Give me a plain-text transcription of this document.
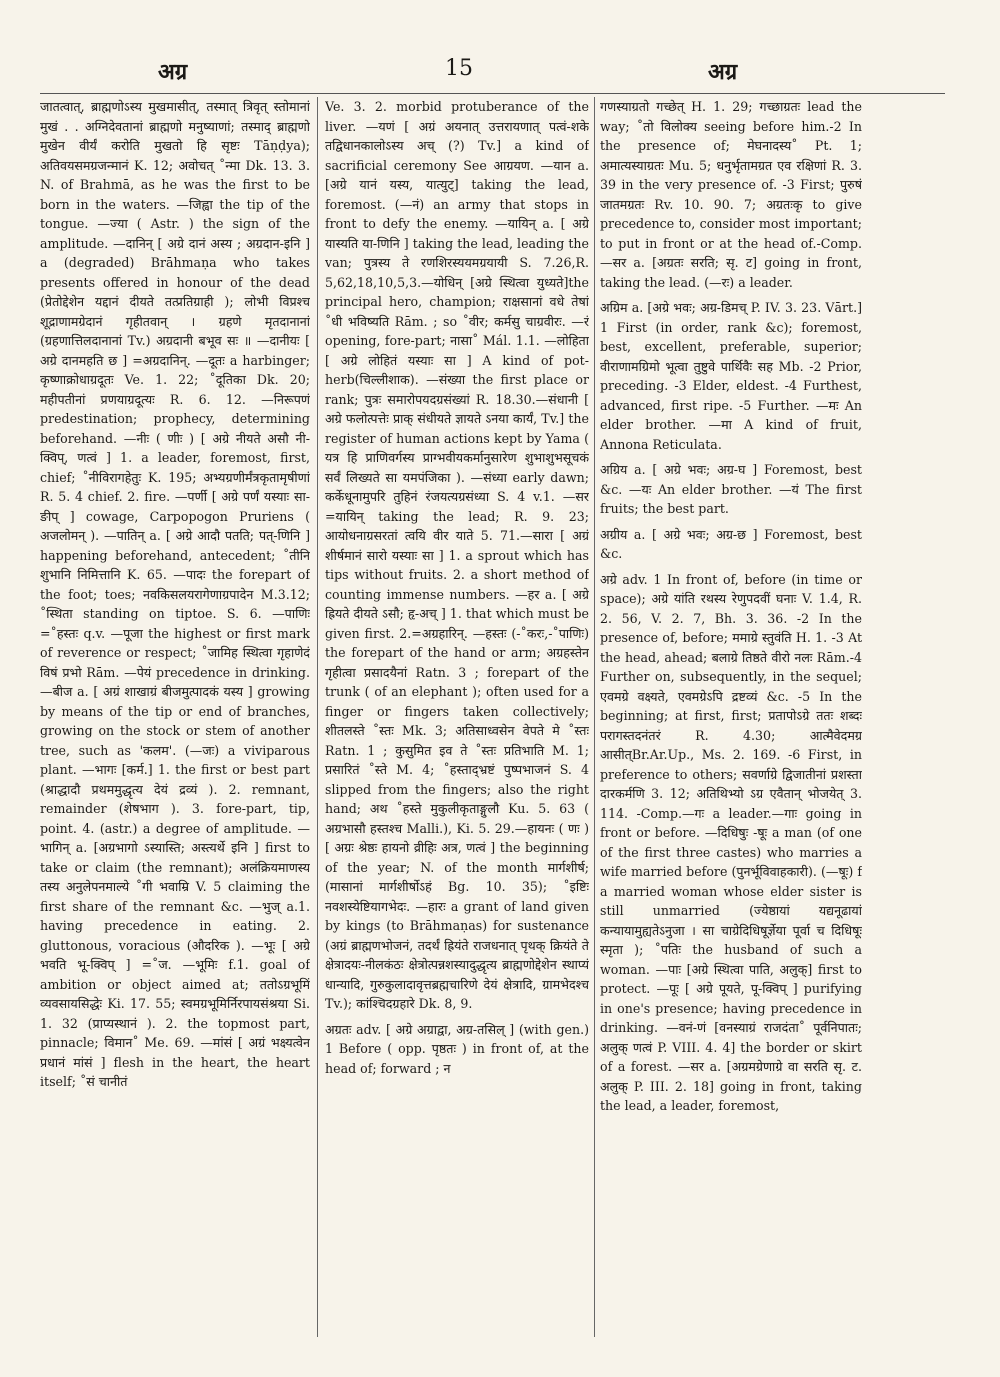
अग्र	15	अग्र

जातत्वात्, ब्राह्मणोऽस्य मुखमासीत्, तस्मात् त्रिवृत् स्तोमानां मुखं . . अग्निदेवतानां ब्राह्मणो मनुष्याणां; तस्माद् ब्राह्मणो मुखेन वीर्यं करोति मुखतो हि सृष्टः Tāṇḍya); अतिवयसमग्रजन्मानं K. 12; अवोचत् ˚न्मा Dk. 13. 3. N. of Brahmā, as he was the first to be born in the waters. —जिह्वा the tip of the tongue. —ज्या ( Astr. ) the sign of the amplitude. —दानिन् [ अग्रे दानं अस्य ; अग्रदान-इनि ] a (degraded) Brāhmaṇa who takes presents offered in honour of the dead (प्रेतोद्देशेन यद्दानं दीयते तत्प्रतिग्राही ); लोभी विप्रश्च शूद्राणामग्रेदानं गृहीतवान् । ग्रहणे मृतदानानां (ग्रहणात्तिलदानानां Tv.) अग्रदानी बभूव सः ॥ —दानीयः [ अग्रे दानमहति छ ] =अग्रदानिन्. —दूतः a harbinger; कृष्णाक्रोधाग्रदूतः Ve. 1. 22; ˚दूतिका Dk. 20; महीपतीनां प्रणयाग्रदूत्यः R. 6. 12. —निरूपणं predestination; prophecy, determining beforehand. —नीः ( णीः ) [ अग्रे नीयते असौ नी-क्विप्, णत्वं ] 1. a leader, foremost, first, chief; ˚नीविरागहेतुः K. 195; अभ्यग्रणीर्मंत्रकृतामृषीणां R. 5. 4 chief. 2. fire. —पर्णी [ अग्रे पर्णं यस्याः सा-ङीप् ] cowage, Carpopogon Pruriens ( अजलोमन् ). —पातिन् a. [ अग्रे आदौ पतति; पत्-णिनि ] happening beforehand, antecedent; ˚तीनि शुभानि निमित्तानि K. 65. —पादः the forepart of the foot; toes; नवकिसलयरागेणाग्रपादेन M.3.12; ˚स्थिता standing on tiptoe. S. 6. —पाणिः =˚हस्तः q.v. —पूजा the highest or first mark of reverence or respect; ˚जामिह स्थित्वा गृहाणेदं विषं प्रभो Rām. —पेयं precedence in drinking. —बीज a. [ अग्रं शाखाग्रं बीजमुत्पादकं यस्य ] growing by means of the tip or end of branches, growing on the stock or stem of another tree, such as 'कलम'. (—जः) a viviparous plant. —भागः [कर्म.] 1. the first or best part (श्राद्धादौ प्रथममुद्धृत्य देयं द्रव्यं ). 2. remnant, remainder (शेषभाग ). 3. fore-part, tip, point. 4. (astr.) a degree of amplitude. —भागिन् a. [अग्रभागो ऽस्यास्ति; अस्त्यर्थे इनि ] first to take or claim (the remnant); अलंक्रियमाणस्य तस्य अनुलेपनमाल्ये ˚गी भवाम्रि V. 5 claiming the first share of the remnant &c. —भुज् a.1. having precedence in eating. 2. gluttonous, voracious (औदरिक ). —भूः [ अग्रे भवति भू-क्विप् ] =˚ज. —भूमिः f.1. goal of ambition or object aimed at; ततोऽग्रभूमिं व्यवसायसिद्धेः Ki. 17. 55; स्वमग्रभूमिर्निरपायसंश्रया Si. 1. 32 (प्राप्यस्थानं ). 2. the topmost part, pinnacle; विमान˚ Me. 69. —मांसं [ अग्रं भक्ष्यत्वेन प्रधानं मांसं ] flesh in the heart, the heart itself; ˚सं चानीतं

Ve. 3. 2. morbid protuberance of the liver. —यणं [ अग्रं अयनात् उत्तरायणात् पत्वं-शके तद्विधानकालोऽस्य अच् (?) Tv.] a kind of sacrificial ceremony See आग्रयण. —यान a. [अग्रे यानं यस्य, यात्युट्] taking the lead, foremost. (—नं) an army that stops in front to defy the enemy. —यायिन् a. [ अग्रे यास्यति या-णिनि ] taking the lead, leading the van; पुत्रस्य ते रणशिरस्ययमग्रयायी S. 7.26,R. 5,62,18,10,5,3.—योधिन् [अग्रे स्थित्वा युध्यते]the principal hero, champion; राक्षसानां वधे तेषां ˚धी भविष्यति Rām. ; so ˚वीर; कर्मसु चाग्रवीरः. —रं opening, fore-part; नासा˚ Mál. 1.1. —लोहिता [ अग्रे लोहितं यस्याः सा ] A kind of pot-herb(चिल्लीशाक). —संख्या the first place or rank; पुत्रः समारोपयदग्रसंख्यां R. 18.30.—संधानी [ अग्रे फलोत्पत्तेः प्राक् संधीयते ज्ञायते ऽनया कार्यं, Tv.] the register of human actions kept by Yama ( यत्र हि प्राणिवर्गस्य प्राग्भवीयकर्मानुसारेण शुभाशुभसूचकं सर्वं लिख्यते सा यमपंजिका ). —संध्या early dawn; कर्केधूनामुपरि तुहिनं रंजयत्यग्रसंध्या S. 4 v.1. —सर =यायिन् taking the lead; R. 9. 23; आयोधनाग्रसरतां त्वयि वीर याते 5. 71.—सारा [ अग्रं शीर्षमानं सारो यस्याः सा ] 1. a sprout which has tips without fruits. 2. a short method of counting immense numbers. —हर a. [ अग्रे ह्रियते दीयते ऽसौ; हृ-अच् ] 1. that which must be given first. 2.=अग्रहारिन्. —हस्तः (-˚करः,-˚पाणिः) the forepart of the hand or arm; अग्रहस्तेन गृहीत्वा प्रसादयैनां Ratn. 3 ; forepart of the trunk ( of an elephant ); often used for a finger or fingers taken collectively; शीतलस्ते ˚स्तः Mk. 3; अतिसाध्वसेन वेपते मे ˚स्तः Ratn. 1 ; कुसुमित इव ते ˚स्तः प्रतिभाति M. 1; प्रसारितं ˚स्ते M. 4; ˚हस्ताद्भ्रष्टं पुष्पभाजनं S. 4 slipped from the fingers; also the right hand; अथ ˚हस्ते मुकुलीकृताङ्गुलौ Ku. 5. 63 ( अग्रभासौ हस्तश्च Malli.), Ki. 5. 29.—हायनः ( णः ) [ अग्रः श्रेष्ठः हायनो व्रीहिः अत्र, णत्वं ] the beginning of the year; N. of the month मार्गशीर्ष; (मासानां मार्गशीर्षोऽहं Bg. 10. 35); ˚इष्टिः नवशस्येष्टियागभेदः. —हारः a grant of land given by kings (to Brāhmaṇas) for sustenance (अग्रं ब्राह्मणभोजनं, तदर्थं ह्रियंते राजधनात् पृथक् क्रियंते ते क्षेत्रादयः-नीलकंठः क्षेत्रोत्पन्नशस्यादुद्धृत्य ब्राह्मणोद्देशेन स्थाप्यं धान्यादि, गुरुकुलादावृत्तब्रह्मचारिणे देयं क्षेत्रादि, ग्रामभेदश्च Tv.); कांश्चिदग्रहारे Dk. 8, 9.

अग्रतः adv. [ अग्रे अग्राद्वा, अग्र-तसिल् ] (with gen.) 1 Before ( opp. पृष्ठतः ) in front of, at the head of; forward ; न

गणस्याग्रतो गच्छेत् H. 1. 29; गच्छाग्रतः lead the way; ˚तो विलोक्य seeing before him.-2 In the presence of; मेघनादस्य˚ Pt. 1; अमात्यस्याग्रतः Mu. 5; धनुर्भृतामग्रत एव रक्षिणां R. 3. 39 in the very presence of. -3 First; पुरुषं जातमग्रतः Rv. 10. 90. 7; अग्रतःकृ to give precedence to, consider most important; to put in front or at the head of.-Comp. —सर a. [अग्रतः सरति; सृ. ट] going in front, taking the lead. (—रः) a leader.

अग्रिम a. [अग्रे भवः; अग्र-डिमच् P. IV. 3. 23. Vārt.] 1 First (in order, rank &c); foremost, best, excellent, preferable, superior; वीराणामग्रिमो भूत्वा तुष्टुवे पार्थिवैः सह Mb. -2 Prior, preceding. -3 Elder, eldest. -4 Furthest, advanced, first ripe. -5 Further. —मः An elder brother. —मा A kind of fruit, Annona Reticulata.

अग्रिय a. [ अग्रे भवः; अग्र-घ ] Foremost, best &c. —यः An elder brother. —यं The first fruits; the best part.

अग्रीय a. [ अग्रे भवः; अग्र-छ ] Foremost, best &c.

अग्रे adv. 1 In front of, before (in time or space); अग्रे यांति रथस्य रेणुपदवीं घनाः V. 1.4, R. 2. 56, V. 2. 7, Bh. 3. 36. -2 In the presence of, before; ममाग्रे स्तुवंति H. 1. -3 At the head, ahead; बलाग्रे तिष्ठते वीरो नलः Rām.-4 Further on, subsequently, in the sequel; एवमग्रे वक्ष्यते, एवमग्रेऽपि द्रष्टव्यं &c. -5 In the beginning; at first, first; प्रतापोऽग्रे ततः शब्दः परागस्तदनंतरं R. 4.30; आत्मैवेदमग्र आसीत्Br.Ar.Up., Ms. 2. 169. -6 First, in preference to others; सवर्णाग्रे द्विजातीनां प्रशस्ता दारकर्मणि 3. 12; अतिथिभ्यो ऽग्र एवैतान् भोजयेत् 3. 114. -Comp.—गः a leader.—गाः going in front or before. —दिधिषुः -षूः a man (of one of the first three castes) who marries a wife married before (पुनर्भूविवाहकारी). (—षूः) f a married woman whose elder sister is still unmarried (ज्येष्ठायां यद्यनूढायां कन्यायामुह्यतेऽनुजा । सा चाग्रेदिधिषूर्ज्ञेया पूर्वा च दिधिषूः स्मृता ); ˚पतिः the husband of such a woman. —पाः [अग्रे स्थित्वा पाति, अलुक्] first to protect. —पूः [ अग्रे पूयते, पू-क्विप् ] purifying in one's presence; having precedence in drinking. —वनं-णं [वनस्याग्रं राजदंता˚ पूर्वनिपातः; अलुक् णत्वं P. VIII. 4. 4] the border or skirt of a forest. —सर a. [अग्रमग्रेणाग्रे वा सरति सृ. ट. अलुक् P. III. 2. 18] going in front, taking the lead, a leader, foremost,
